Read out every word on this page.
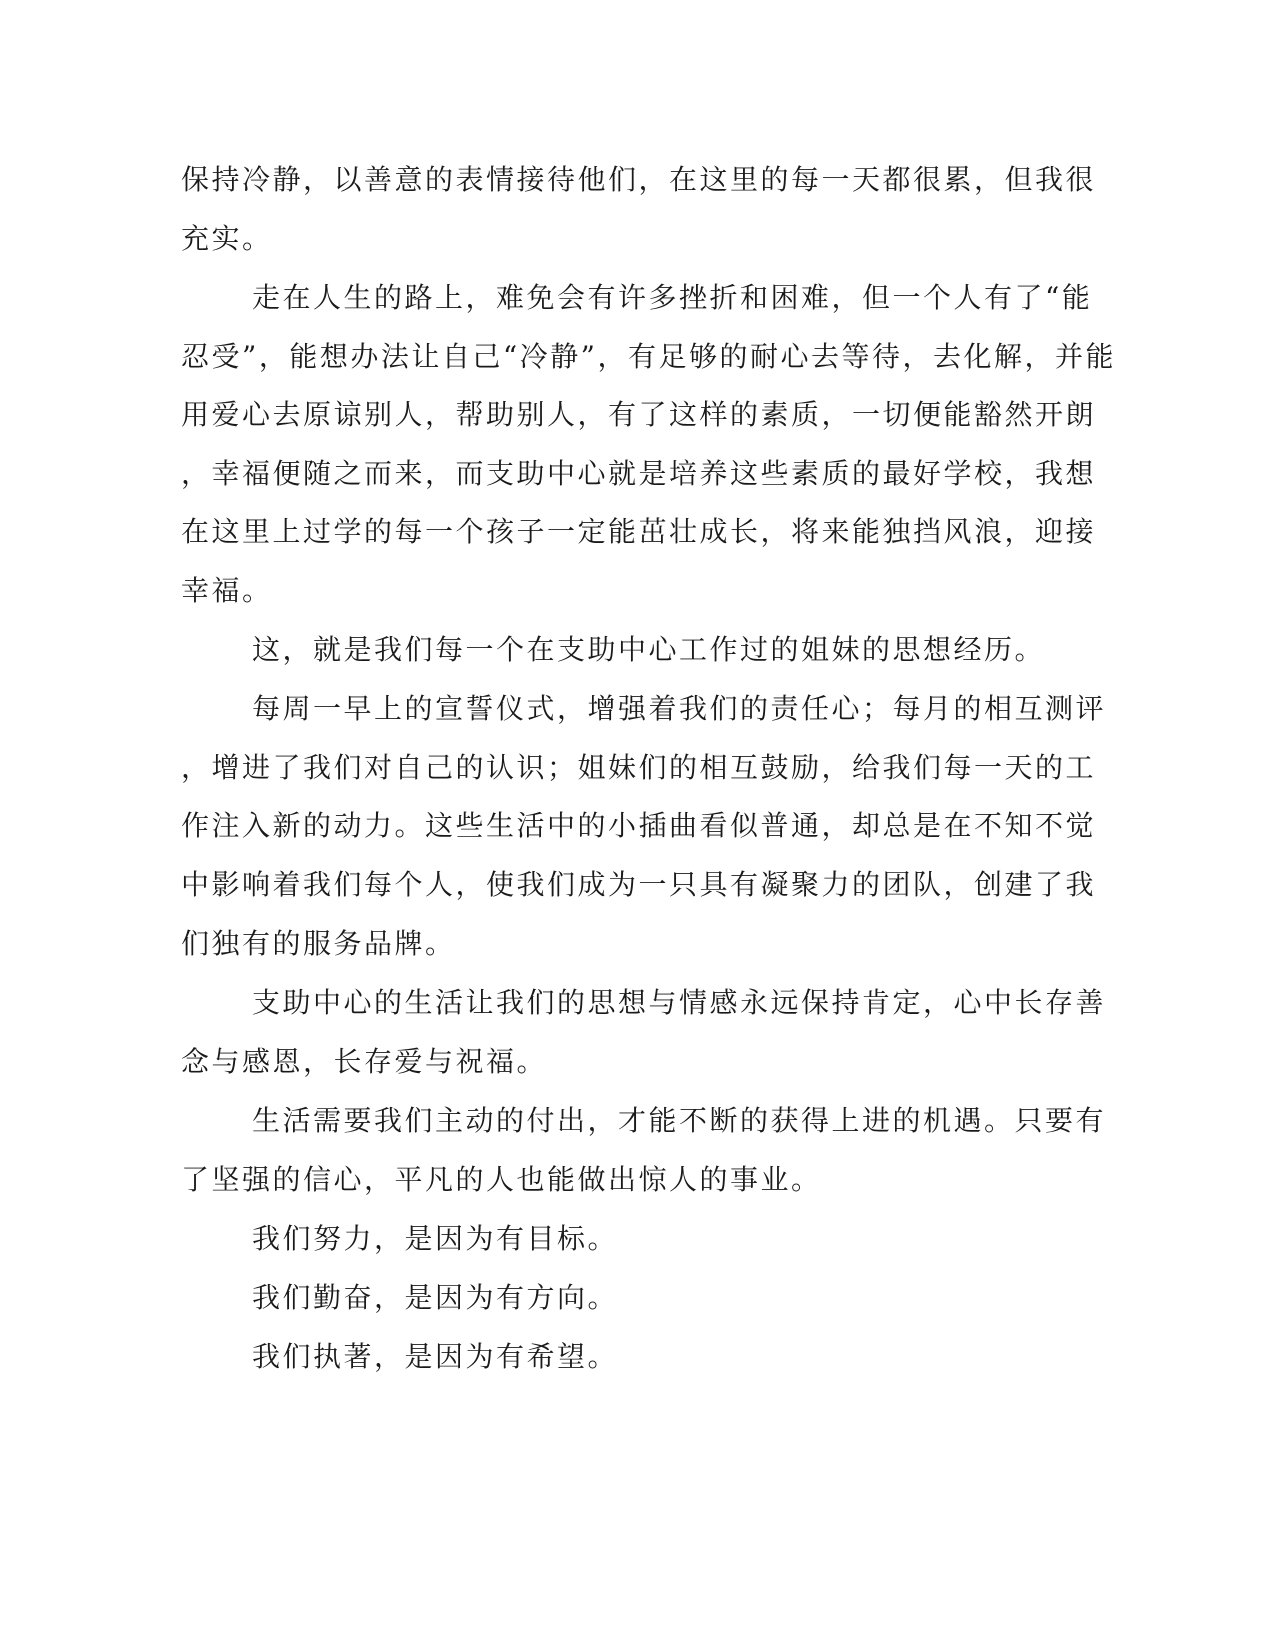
保持冷静，以善意的表情接待他们，在这里的每一天都很累，但我很
充实。
走在人生的路上，难免会有许多挫折和困难，但一个人有了“能
忍受”，能想办法让自己“冷静”，有足够的耐心去等待，去化解，并能
用爱心去原谅别人，帮助别人，有了这样的素质，一切便能豁然开朗
，幸福便随之而来，而支助中心就是培养这些素质的最好学校，我想
在这里上过学的每一个孩子一定能茁壮成长，将来能独挡风浪，迎接
幸福。
这，就是我们每一个在支助中心工作过的姐妹的思想经历。
每周一早上的宣誓仪式，增强着我们的责任心；每月的相互测评
，增进了我们对自己的认识；姐妹们的相互鼓励，给我们每一天的工
作注入新的动力。这些生活中的小插曲看似普通，却总是在不知不觉
中影响着我们每个人，使我们成为一只具有凝聚力的团队，创建了我
们独有的服务品牌。
支助中心的生活让我们的思想与情感永远保持肯定，心中长存善
念与感恩，长存爱与祝福。
生活需要我们主动的付出，才能不断的获得上进的机遇。只要有
了坚强的信心，平凡的人也能做出惊人的事业。
我们努力，是因为有目标。
我们勤奋，是因为有方向。
我们执著，是因为有希望。
